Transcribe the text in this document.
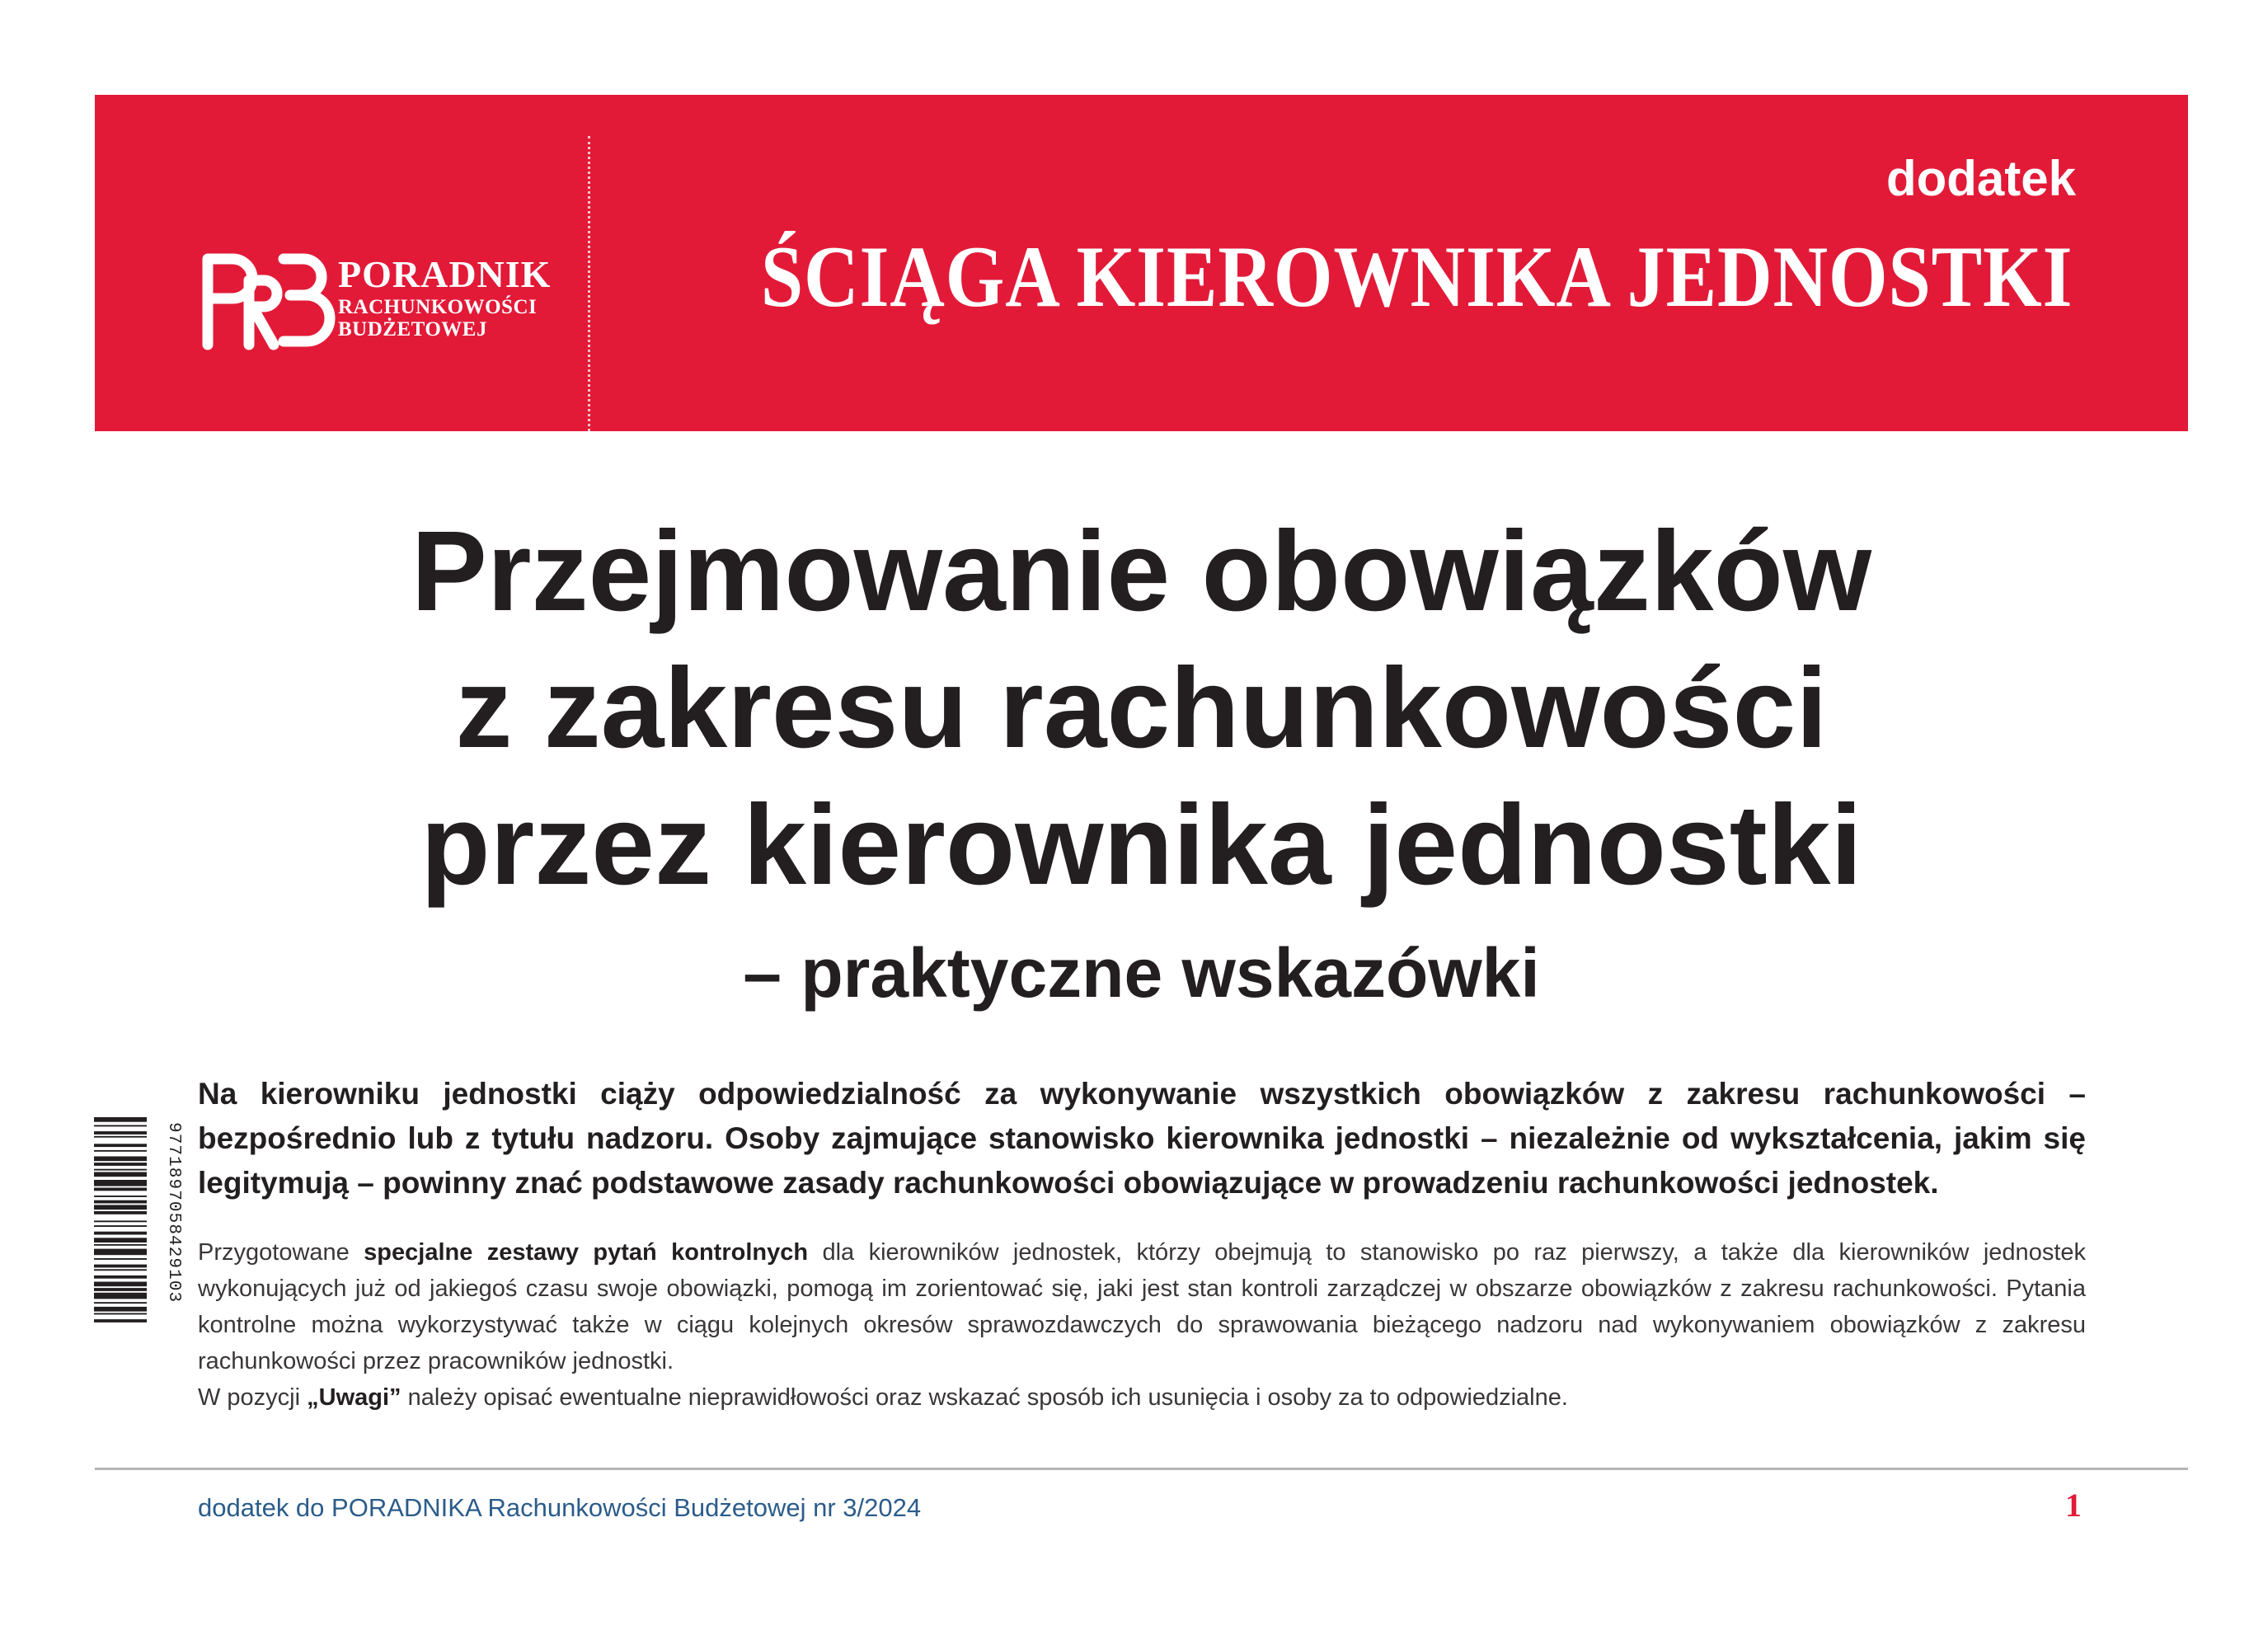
PORADNIK
RACHUNKOWOŚCI
BUDŻETOWEJ
dodatek
ŚCIĄGA KIEROWNIKA JEDNOSTKI
Przejmowanie obowiązków
z zakresu rachunkowości
przez kierownika jednostki
– praktyczne wskazówki
9771897058429103
Na kierowniku jednostki ciąży odpowiedzialność za wykonywanie wszystkich obowiązków z zakresu rachunkowości – bezpośrednio lub z tytułu nadzoru. Osoby zajmujące stanowisko kierownika jednostki – niezależnie od wykształcenia, jakim się legitymują – powinny znać podstawowe zasady rachunkowości obowiązujące w prowadzeniu rachunkowości jednostek.

Przygotowane specjalne zestawy pytań kontrolnych dla kierowników jednostek, którzy obejmują to stanowisko po raz pierwszy, a także dla kierowników jednostek wykonujących już od jakiegoś czasu swoje obowiązki, pomogą im zorientować się, jaki jest stan kontroli zarządczej w obszarze obowiązków z zakresu rachunkowości. Pytania kontrolne można wykorzystywać także w ciągu kolejnych okresów sprawozdawczych do sprawowania bieżącego nadzoru nad wykonywaniem obowiązków z zakresu rachunkowości przez pracowników jednostki.

W pozycji „Uwagi” należy opisać ewentualne nieprawidłowości oraz wskazać sposób ich usunięcia i osoby za to odpowiedzialne.

dodatek do PORADNIKA Rachunkowości Budżetowej nr 3/2024	1
